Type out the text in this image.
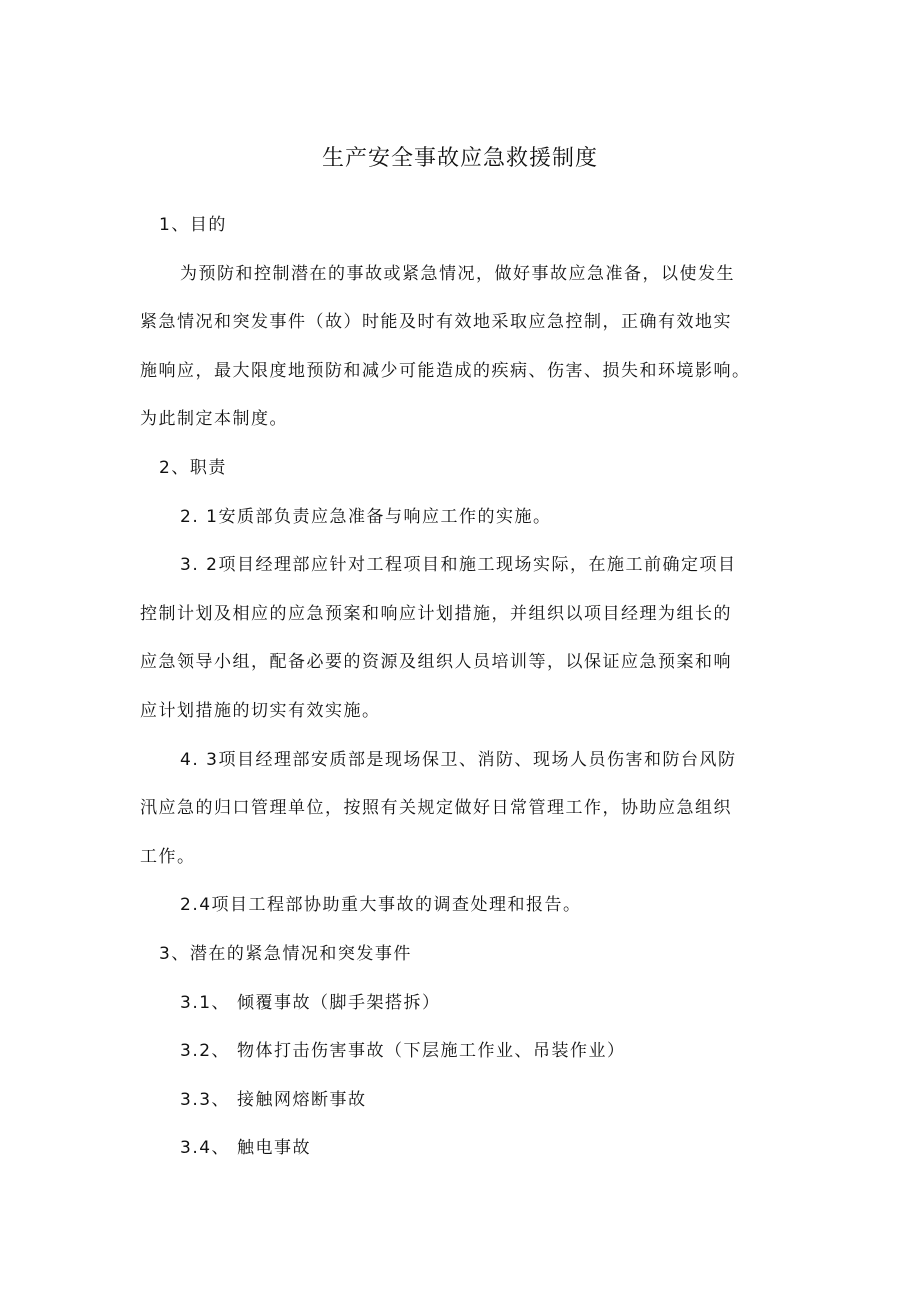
生产安全事故应急救援制度
1、目的
为预防和控制潜在的事故或紧急情况，做好事故应急准备，以使发生
紧急情况和突发事件（故）时能及时有效地采取应急控制，正确有效地实
施响应，最大限度地预防和减少可能造成的疾病、伤害、损失和环境影响。
为此制定本制度。
2、职责
2. 1安质部负责应急准备与响应工作的实施。
3. 2项目经理部应针对工程项目和施工现场实际，在施工前确定项目
控制计划及相应的应急预案和响应计划措施，并组织以项目经理为组长的
应急领导小组，配备必要的资源及组织人员培训等，以保证应急预案和响
应计划措施的切实有效实施。
4. 3项目经理部安质部是现场保卫、消防、现场人员伤害和防台风防
汛应急的归口管理单位，按照有关规定做好日常管理工作，协助应急组织
工作。
2.4项目工程部协助重大事故的调查处理和报告。
3、潜在的紧急情况和突发事件
3.1、 倾覆事故（脚手架搭拆）
3.2、 物体打击伤害事故（下层施工作业、吊装作业）
3.3、 接触网熔断事故
3.4、 触电事故
